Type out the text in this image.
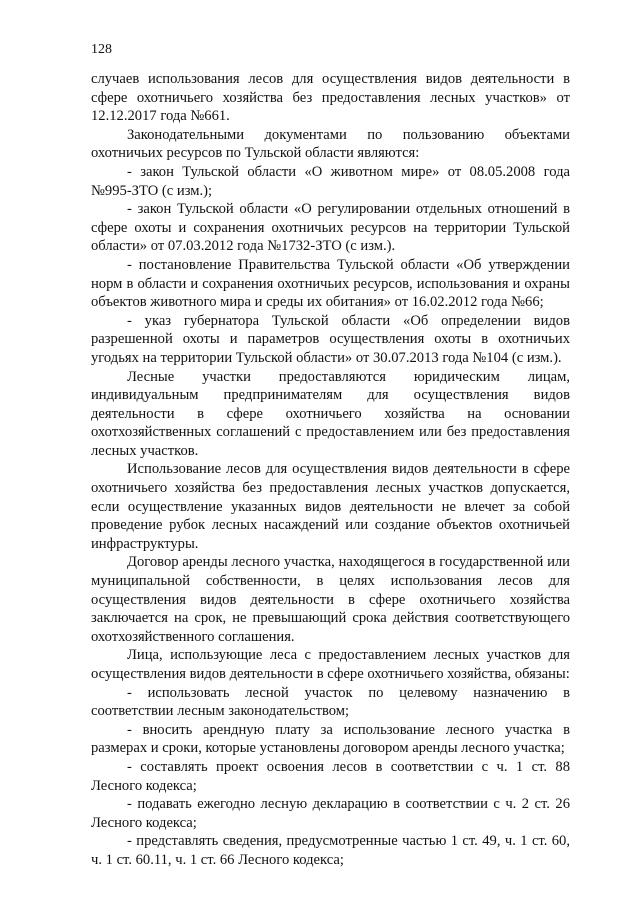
128

случаев использования лесов для осуществления видов деятельности в сфере охотничьего хозяйства без предоставления лесных участков» от 12.12.2017 года №661.

Законодательными документами по пользованию объектами охотничьих ресурсов по Тульской области являются:

- закон Тульской области «О животном мире» от 08.05.2008 года №995-ЗТО (с изм.);

- закон Тульской области «О регулировании отдельных отношений в сфере охоты и сохранения охотничьих ресурсов на территории Тульской области» от 07.03.2012 года №1732-ЗТО (с изм.).

- постановление Правительства Тульской области «Об утверждении норм в области и сохранения охотничьих ресурсов, использования и охраны объектов животного мира и среды их обитания» от 16.02.2012 года №66;

- указ губернатора Тульской области «Об определении видов разрешенной охоты и параметров осуществления охоты в охотничьих угодьях на территории Тульской области» от 30.07.2013 года №104 (с изм.).

Лесные участки предоставляются юридическим лицам, индивидуальным предпринимателям для осуществления видов деятельности в сфере охотничьего хозяйства на основании охотхозяйственных соглашений с предоставлением или без предоставления лесных участков.

Использование лесов для осуществления видов деятельности в сфере охотничьего хозяйства без предоставления лесных участков допускается, если осуществление указанных видов деятельности не влечет за собой проведение рубок лесных насаждений или создание объектов охотничьей инфраструктуры.

Договор аренды лесного участка, находящегося в государственной или муниципальной собственности, в целях использования лесов для осуществления видов деятельности в сфере охотничьего хозяйства заключается на срок, не превышающий срока действия соответствующего охотхозяйственного соглашения.

Лица, использующие леса с предоставлением лесных участков для осуществления видов деятельности в сфере охотничьего хозяйства, обязаны:

- использовать лесной участок по целевому назначению в соответствии лесным законодательством;

- вносить арендную плату за использование лесного участка в размерах и сроки, которые установлены договором аренды лесного участка;

- составлять проект освоения лесов в соответствии с ч. 1 ст. 88 Лесного кодекса;

- подавать ежегодно лесную декларацию в соответствии с ч. 2 ст. 26 Лесного кодекса;

- представлять сведения, предусмотренные частью 1 ст. 49, ч. 1 ст. 60, ч. 1 ст. 60.11, ч. 1 ст. 66 Лесного кодекса;
